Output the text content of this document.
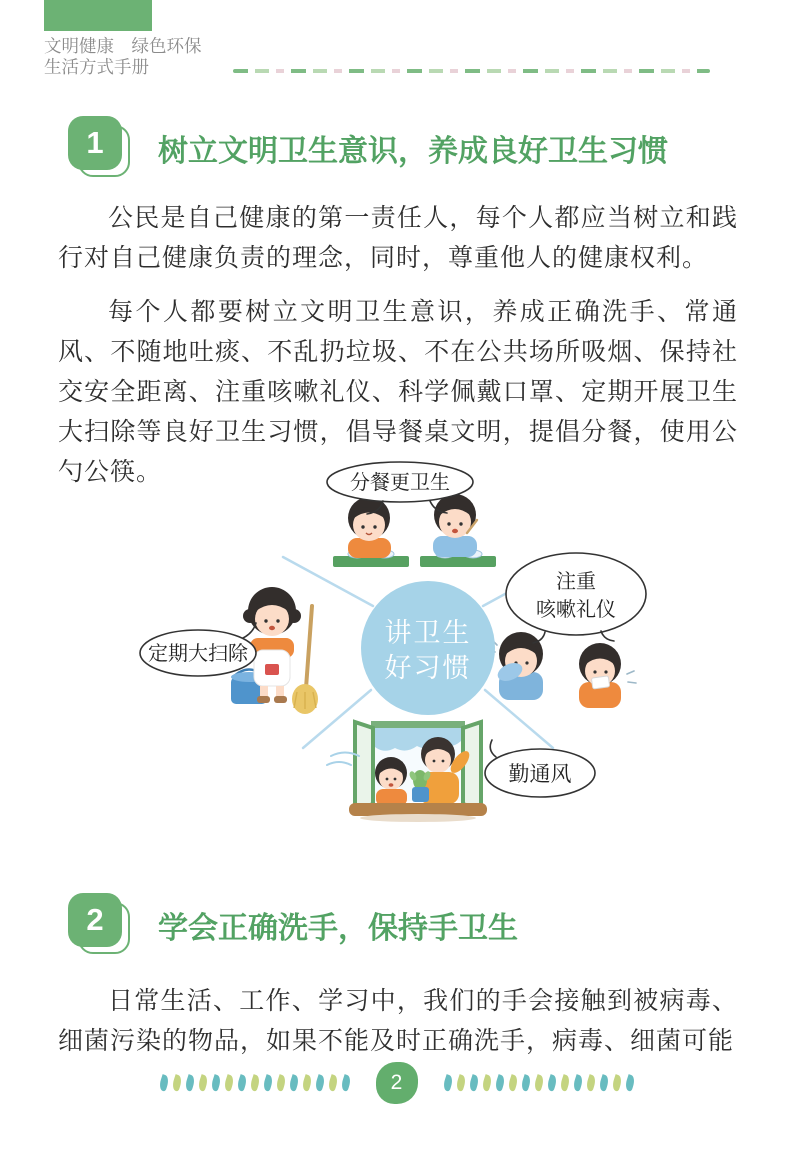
文明健康　绿色环保
生活方式手册
1	树立文明卫生意识，养成良好卫生习惯
公民是自己健康的第一责任人，每个人都应当树立和践行对自己健康负责的理念，同时，尊重他人的健康权利。
每个人都要树立文明卫生意识，养成正确洗手、常通风、不随地吐痰、不乱扔垃圾、不在公共场所吸烟、保持社交安全距离、注重咳嗽礼仪、科学佩戴口罩、定期开展卫生大扫除等良好卫生习惯，倡导餐桌文明，提倡分餐，使用公勺公筷。	分餐更卫生
注重
咳嗽礼仪
定期大扫除
勤通风
讲卫生
好习惯
2	学会正确洗手，保持手卫生
日常生活、工作、学习中，我们的手会接触到被病毒、细菌污染的物品，如果不能及时正确洗手，病毒、细菌可能
2
